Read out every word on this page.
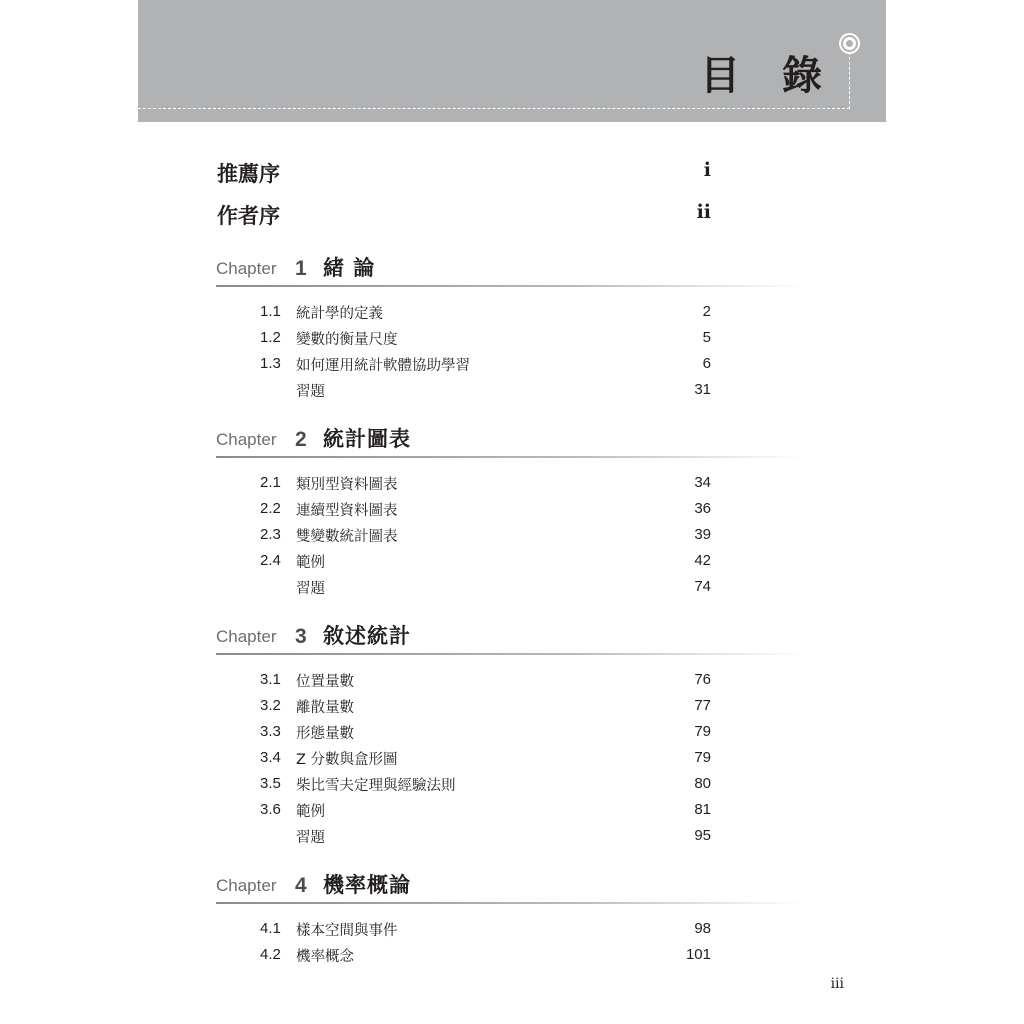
目 錄
推薦序	i
作者序	ii
Chapter 1 緒 論
1.1 統計學的定義	2
1.2 變數的衡量尺度	5
1.3 如何運用統計軟體協助學習	6
習題	31
Chapter 2 統計圖表
2.1 類別型資料圖表	34
2.2 連續型資料圖表	36
2.3 雙變數統計圖表	39
2.4 範例	42
習題	74
Chapter 3 敘述統計
3.1 位置量數	76
3.2 離散量數	77
3.3 形態量數	79
3.4 Z 分數與盒形圖	79
3.5 柴比雪夫定理與經驗法則	80
3.6 範例	81
習題	95
Chapter 4 機率概論
4.1 樣本空間與事件	98
4.2 機率概念	101
iii
